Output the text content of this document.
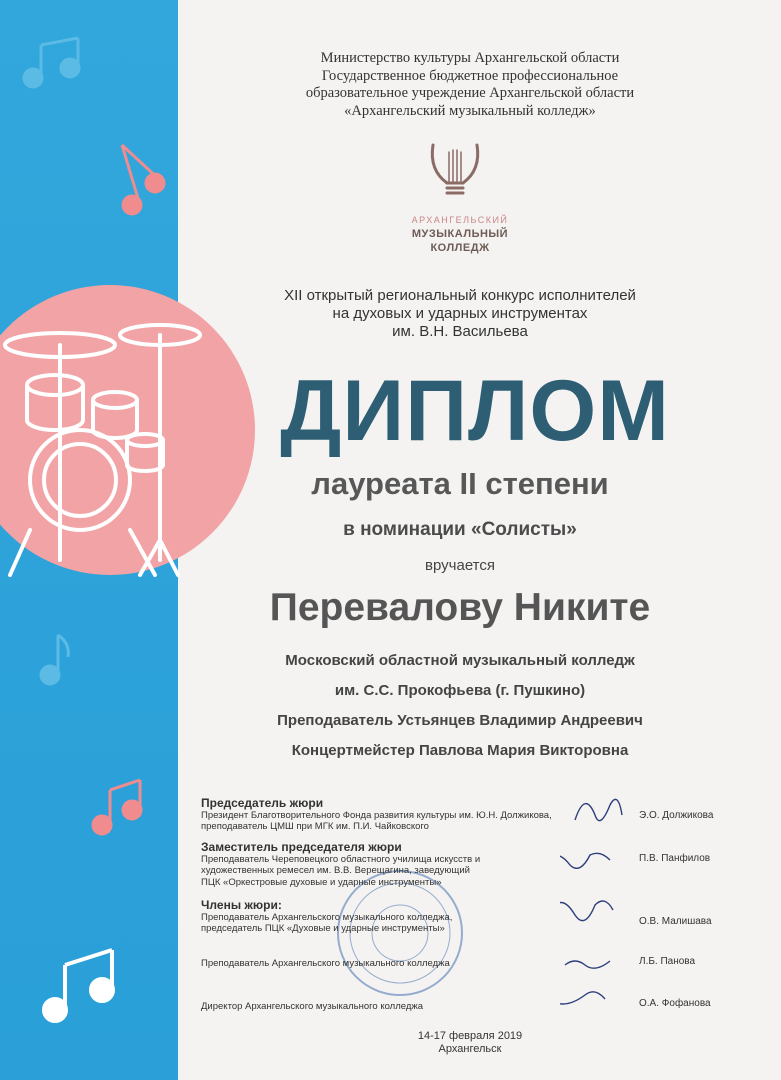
Министерство культуры Архангельской области
Государственное бюджетное профессиональное
образовательное учреждение Архангельской области
«Архангельский музыкальный колледж»
АРХАНГЕЛЬСКИЙ
МУЗЫКАЛЬНЫЙ
КОЛЛЕДЖ
XII открытый региональный конкурс исполнителей
на духовых и ударных инструментах
им. В.Н. Васильева
ДИПЛОМ
лауреата II степени
в номинации «Солисты»
вручается
Перевалову Никите
Московский областной музыкальный колледж
им. С.С. Прокофьева (г. Пушкино)
Преподаватель Устьянцев Владимир Андреевич
Концертмейстер Павлова Мария Викторовна
Председатель жюри
Президент Благотворительного Фонда развития культуры им. Ю.Н. Должикова,
преподаватель ЦМШ при МГК им. П.И. Чайковского
Э.О. Должикова
Заместитель председателя жюри
Преподаватель Череповецкого областного училища искусств и
художественных ремесел им. В.В. Верещагина, заведующий
ПЦК «Оркестровые духовые и ударные инструменты»
П.В. Панфилов
Члены жюри:
Преподаватель Архангельского музыкального колледжа,
председатель ПЦК «Духовые и ударные инструменты»
О.В. Малишава
Преподаватель Архангельского музыкального колледжа	Л.Б. Панова
Директор Архангельского музыкального колледжа	О.А. Фофанова
14-17 февраля 2019
Архангельск
